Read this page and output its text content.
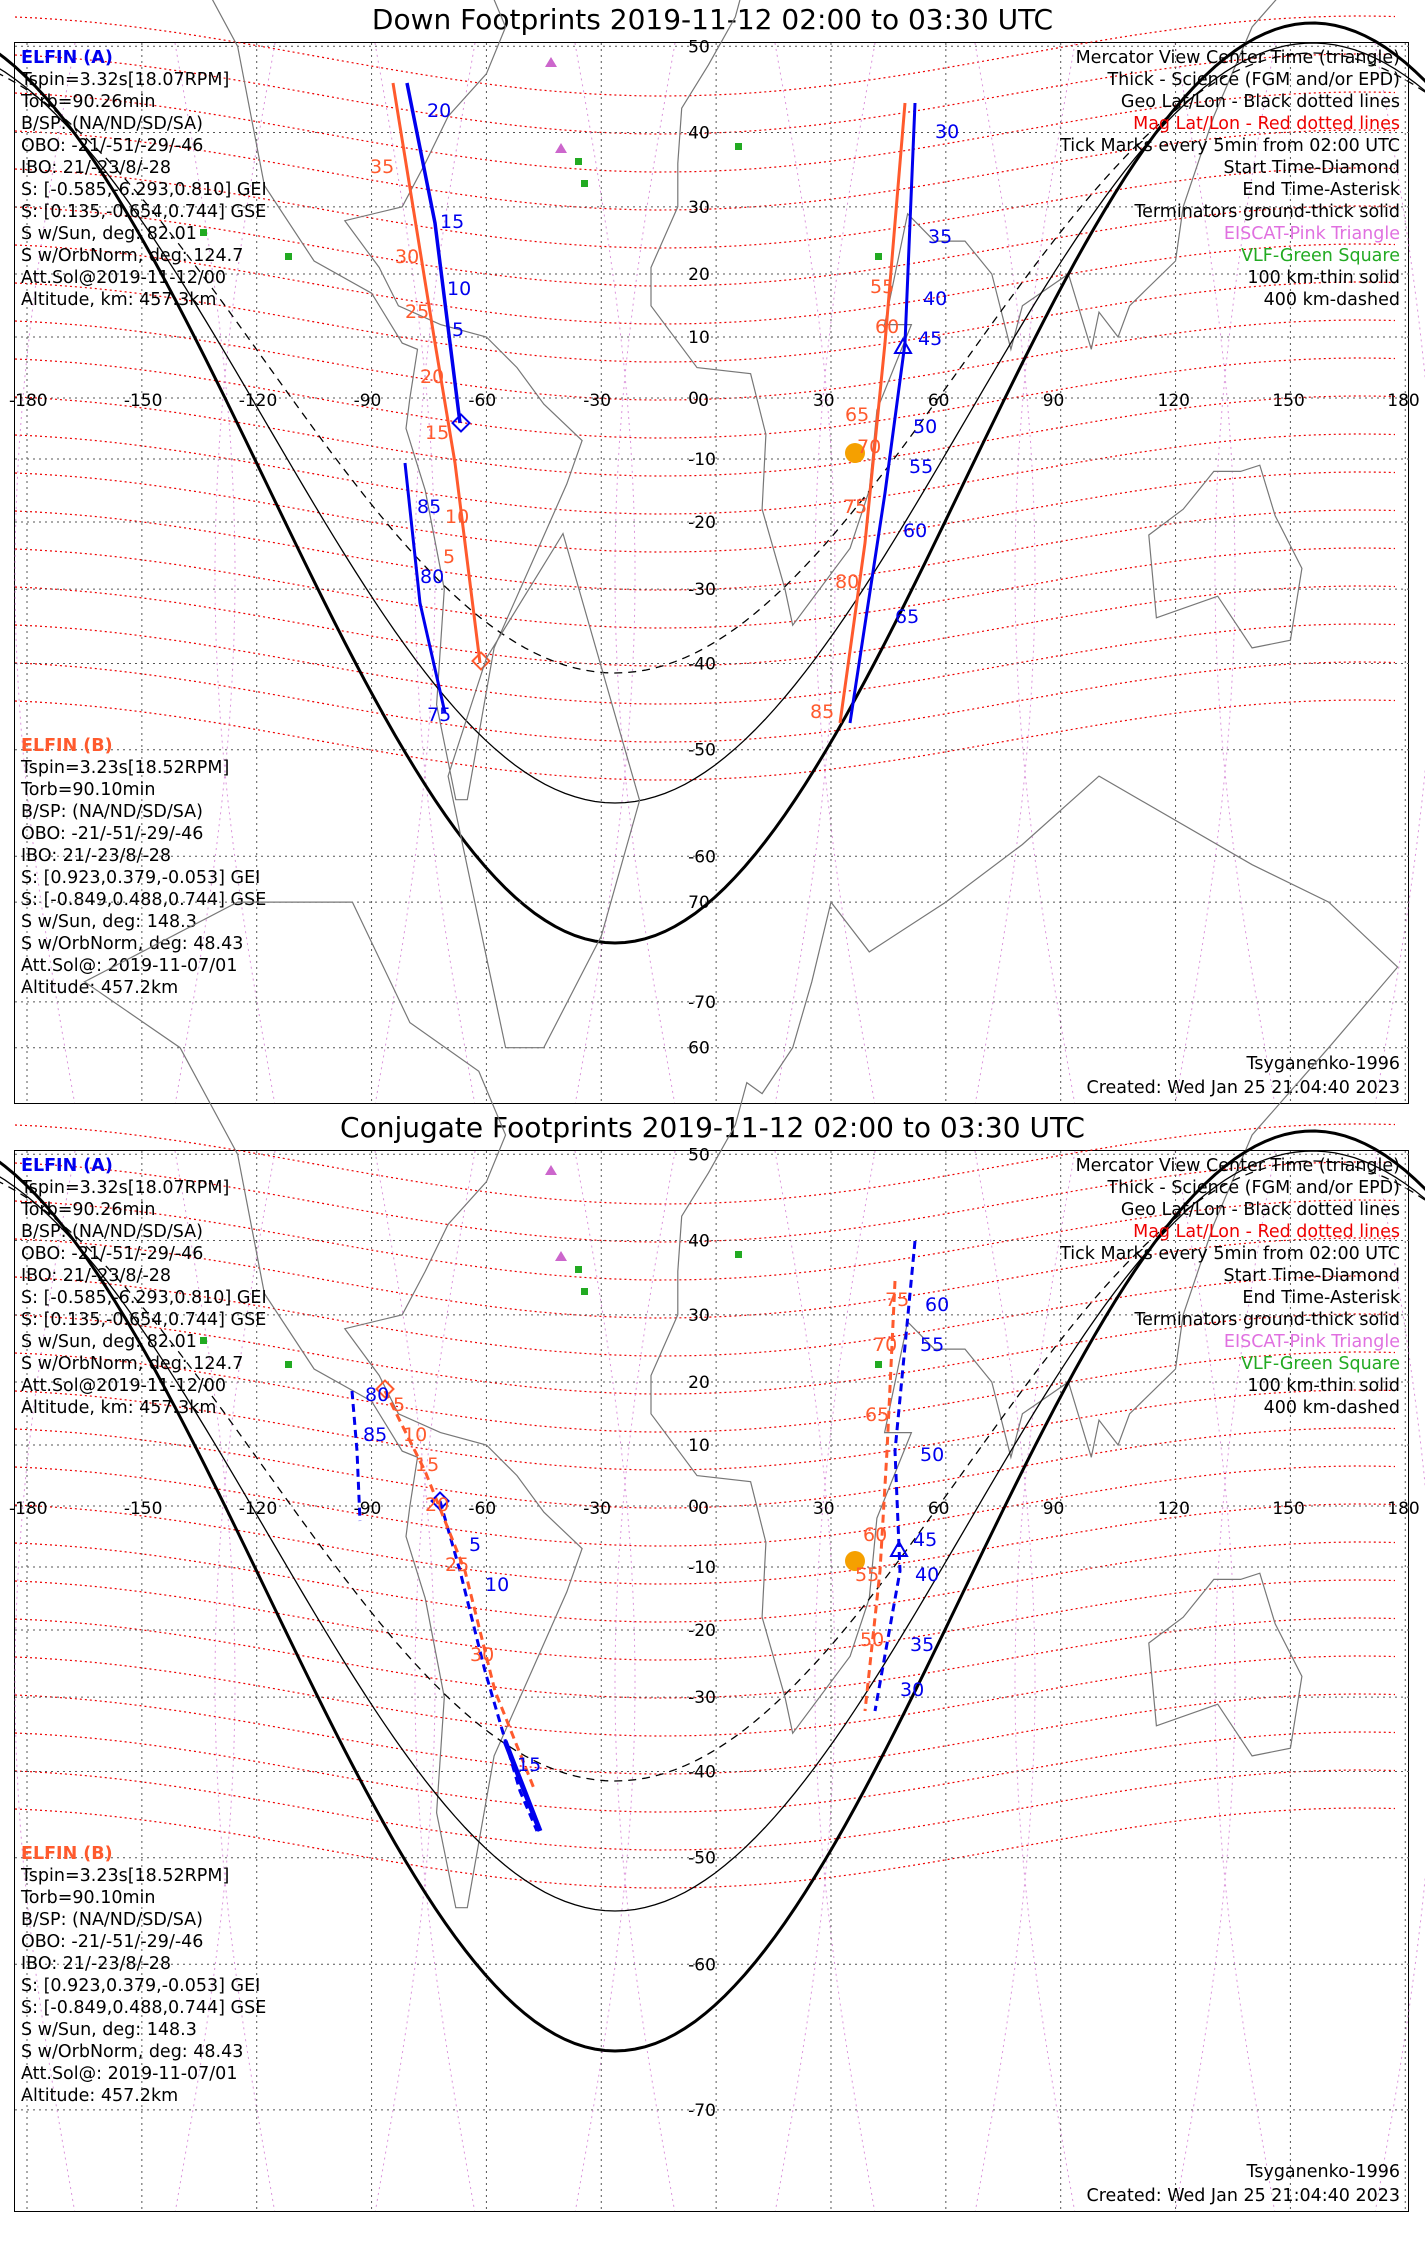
Down Footprints 2019-11-12 02:00 to 03:30 UTC
-180	-150	-120	-90	-60	-30	0	30	60	90	120	150	180
50
40
30
20
10
0
-10
-20
-30
-40
-50
-60
-70
20
15
10
5
85
80
75
30
35
40
45
50
55
60
65
35
30
25
20
15
10
5
60
65
70
75
80
85
55
ELFIN (A)
Tspin=3.32s[18.07RPM]
Torb=90.26min
B/SP: (NA/ND/SD/SA)
OBO: -21/-51/-29/-46
IBO: 21/-23/8/-28
S: [-0.585,-6.293,0.810] GEI
S: [0.135,-0.654,0.744] GSE
S w/Sun, deg: 82.01
S w/OrbNorm, deg: 124.7
Att.Sol@2019-11-12/00
Altitude, km: 457.3km
ELFIN (B)
Tspin=3.23s[18.52RPM]
Torb=90.10min
B/SP: (NA/ND/SD/SA)
OBO: -21/-51/-29/-46
IBO: 21/-23/8/-28
S: [0.923,0.379,-0.053] GEI
S: [-0.849,0.488,0.744] GSE
S w/Sun, deg: 148.3
S w/OrbNorm, deg: 48.43
Att.Sol@: 2019-11-07/01
Altitude: 457.2km
Mercator View Center Time (triangle)
Thick - Science (FGM and/or EPD)
Geo Lat/Lon - Black dotted lines
Mag Lat/Lon - Red dotted lines
Tick Marks every 5min from 02:00 UTC
Start Time-Diamond
End Time-Asterisk
Terminators ground-thick solid
EISCAT-Pink Triangle
VLF-Green Square
100 km-thin solid
400 km-dashed
Tsyganenko-1996
Created: Wed Jan 25 21:04:40 2023
Conjugate Footprints 2019-11-12 02:00 to 03:30 UTC
-180	-150	-120	-90	-60	-30	0	30	60	90	120	150	180
70
60
50
40
30
20
10
0
-10
-20
-30
-40
-50
-60
-70
80
85
5
10
15
60
55
50
45
40
35
30
5
10
15
20
25
30
75
70
65
60
55
50
ELFIN (A)
Tspin=3.32s[18.07RPM]
Torb=90.26min
B/SP: (NA/ND/SD/SA)
OBO: -21/-51/-29/-46
IBO: 21/-23/8/-28
S: [-0.585,-6.293,0.810] GEI
S: [0.135,-0.654,0.744] GSE
S w/Sun, deg: 82.01
S w/OrbNorm, deg: 124.7
Att.Sol@2019-11-12/00
Altitude, km: 457.3km
ELFIN (B)
Tspin=3.23s[18.52RPM]
Torb=90.10min
B/SP: (NA/ND/SD/SA)
OBO: -21/-51/-29/-46
IBO: 21/-23/8/-28
S: [0.923,0.379,-0.053] GEI
S: [-0.849,0.488,0.744] GSE
S w/Sun, deg: 148.3
S w/OrbNorm, deg: 48.43
Att.Sol@: 2019-11-07/01
Altitude: 457.2km
Mercator View Center Time (triangle)
Thick - Science (FGM and/or EPD)
Geo Lat/Lon - Black dotted lines
Mag Lat/Lon - Red dotted lines
Tick Marks every 5min from 02:00 UTC
Start Time-Diamond
End Time-Asterisk
Terminators ground-thick solid
EISCAT-Pink Triangle
VLF-Green Square
100 km-thin solid
400 km-dashed
Tsyganenko-1996
Created: Wed Jan 25 21:04:40 2023
